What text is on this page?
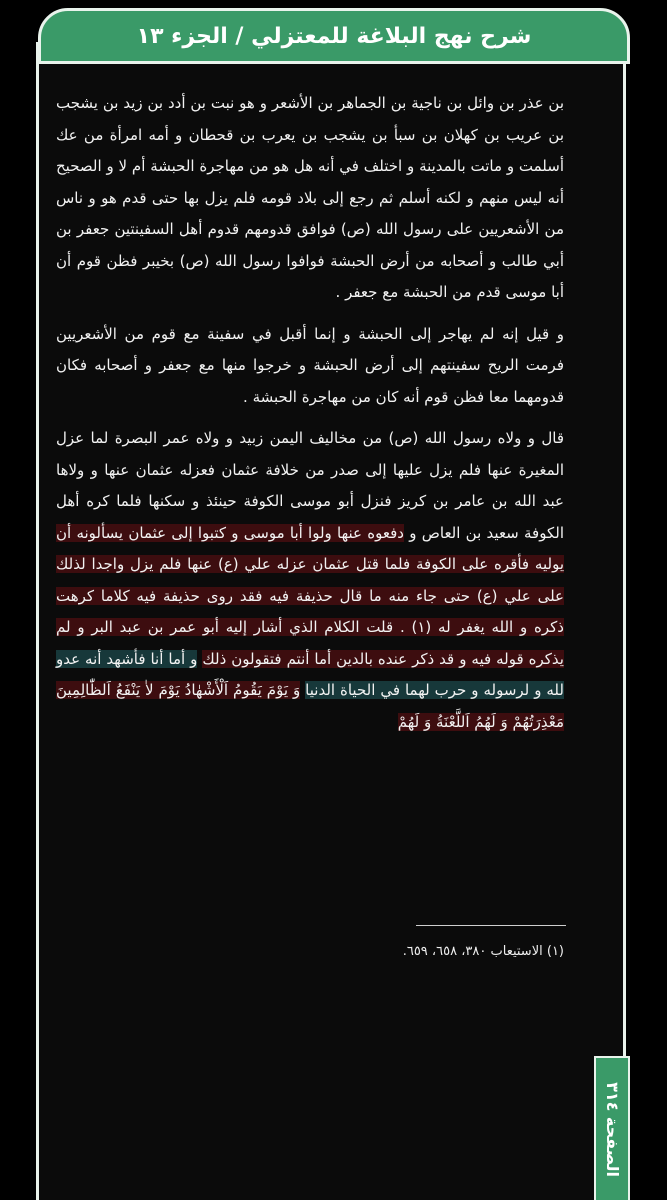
شرح نهج البلاغة للمعتزلي / الجزء ١٣

بن عذر بن وائل بن ناجية بن الجماهر بن الأشعر و هو نبت بن أدد بن زيد بن يشجب بن عريب بن كهلان بن سبأ بن يشجب بن يعرب بن قحطان و أمه امرأة من عك أسلمت و ماتت بالمدينة و اختلف في أنه هل هو من مهاجرة الحبشة أم لا و الصحيح أنه ليس منهم و لكنه أسلم ثم رجع إلى بلاد قومه فلم يزل بها حتى قدم هو و ناس من الأشعريين على رسول الله (ص) فوافق قدومهم قدوم أهل السفينتين جعفر بن أبي طالب و أصحابه من أرض الحبشة فوافوا رسول الله (ص) بخيبر فظن قوم أن أبا موسى قدم من الحبشة مع جعفر .

و قيل إنه لم يهاجر إلى الحبشة و إنما أقبل في سفينة مع قوم من الأشعريين فرمت الريح سفينتهم إلى أرض الحبشة و خرجوا منها مع جعفر و أصحابه فكان قدومهما معا فظن قوم أنه كان من مهاجرة الحبشة .

قال و ولاه رسول الله (ص) من مخاليف اليمن زبيد و ولاه عمر البصرة لما عزل المغيرة عنها فلم يزل عليها إلى صدر من خلافة عثمان فعزله عثمان عنها و ولاها عبد الله بن عامر بن كريز فنزل أبو موسى الكوفة حينئذ و سكنها فلما كره أهل الكوفة سعيد بن العاص و دفعوه عنها ولوا أبا موسى و كتبوا إلى عثمان يسألونه أن يوليه فأقره على الكوفة فلما قتل عثمان عزله علي (ع) عنها فلم يزل واجدا لذلك على علي (ع) حتى جاء منه ما قال حذيفة فيه فقد روى حذيفة فيه كلاما كرهت ذكره و الله يغفر له (١) . قلت الكلام الذي أشار إليه أبو عمر بن عبد البر و لم يذكره قوله فيه و قد ذكر عنده بالدين أما أنتم فتقولون ذلك و أما أنا فأشهد أنه عدو لله و لرسوله و حرب لهما في الحياة الدنيا وَ يَوْمَ يَقُومُ اَلْأَشْهٰادُ يَوْمَ لاٰ يَنْفَعُ اَلظّٰالِمِينَ مَعْذِرَتُهُمْ وَ لَهُمُ اَللَّعْنَةُ وَ لَهُمْ

(١) الاستيعاب ٣٨٠، ٦٥٨، ٦٥٩.
الصفحة ٣١٤
